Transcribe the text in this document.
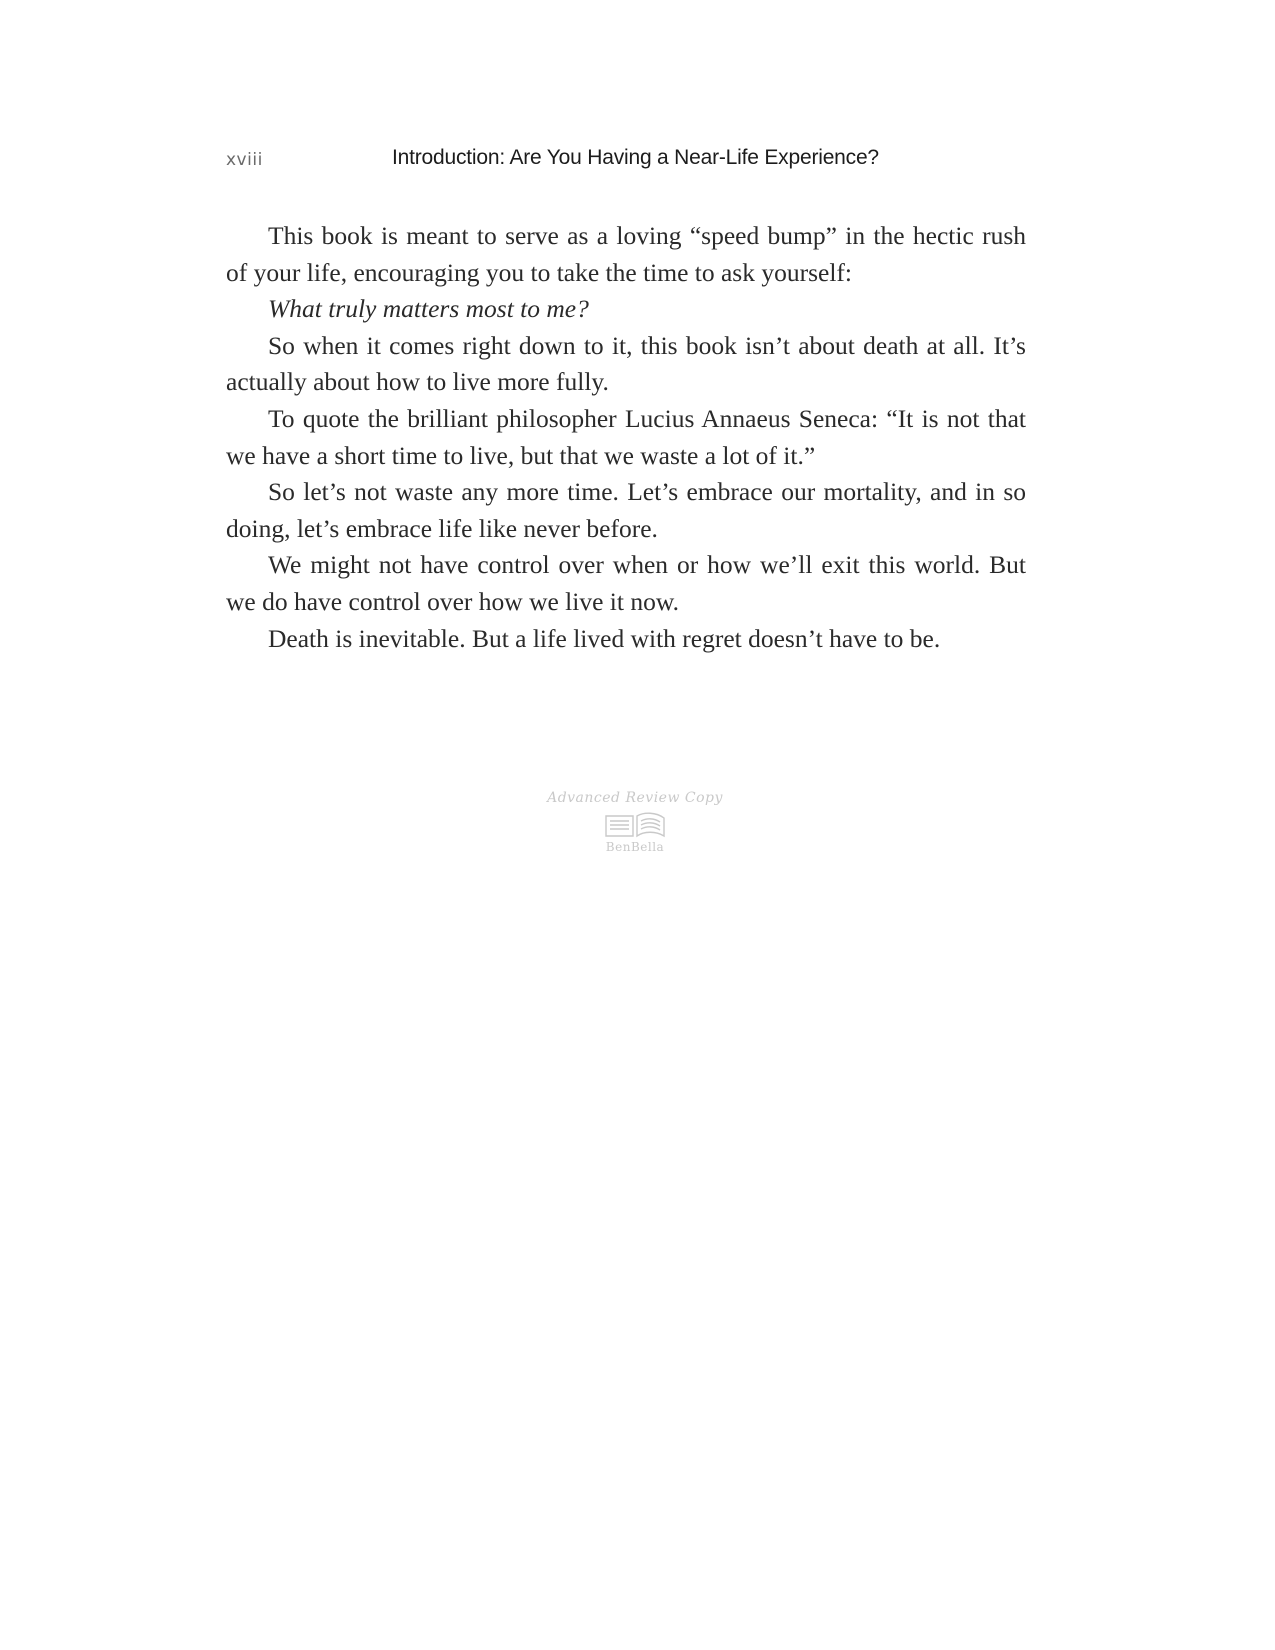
xviii	Introduction: Are You Having a Near-Life Experience?

This book is meant to serve as a loving “speed bump” in the hectic rush of your life, encouraging you to take the time to ask yourself:

What truly matters most to me?

So when it comes right down to it, this book isn’t about death at all. It’s actually about how to live more fully.

To quote the brilliant philosopher Lucius Annaeus Seneca: “It is not that we have a short time to live, but that we waste a lot of it.”

So let’s not waste any more time. Let’s embrace our mortality, and in so doing, let’s embrace life like never before.

We might not have control over when or how we’ll exit this world. But we do have control over how we live it now.

Death is inevitable. But a life lived with regret doesn’t have to be.

Advanced Review Copy
BenBella
